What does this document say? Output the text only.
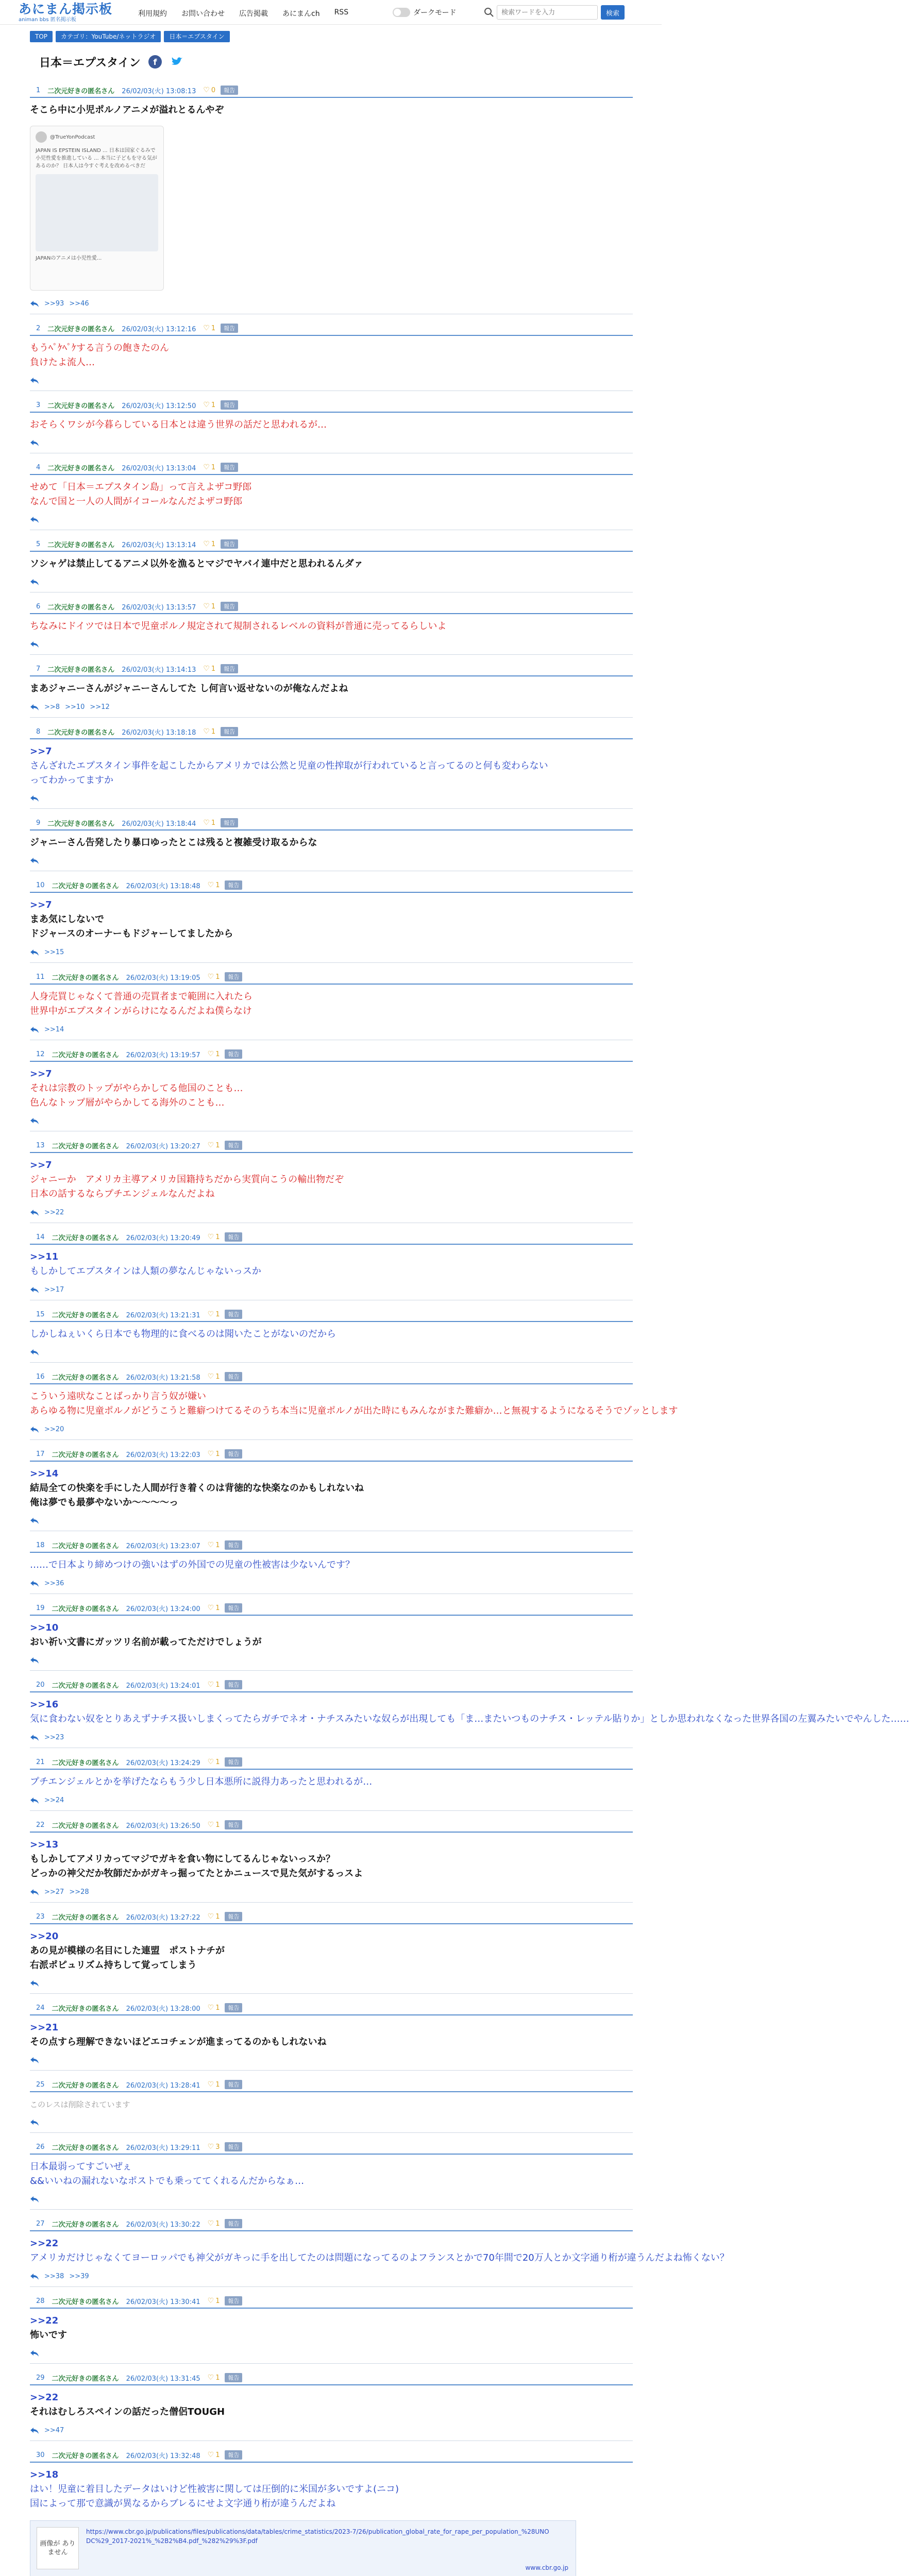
あにまん掲示板
animan bbs 匿名掲示板
利用規約 お問い合わせ 広告掲載 あにまんch RSS	ダークモード
検索ワードを入力	検索
TOP	カテゴリ：YouTube/ネットラジオ	日本＝エプスタイン
日本＝エプスタイン f
1 二次元好きの匿名さん 26/02/03(火) 13:08:13 ♡ 0	報告
そこら中に小児ポルノアニメが溢れとるんやぞ
@TrueYonPodcast
JAPAN IS EPSTEIN ISLAND ... 日本は国家ぐるみで小児性愛を推進している ... 本当に子どもを守る気があるのか？ 日本人は今すぐ考えを改めるべきだ
JAPANのアニメは小児性愛...
>>93 >>46
2 二次元好きの匿名さん 26/02/03(火) 13:12:16 ♡ 1	報告
もうﾍﾟｹﾍﾟｹする言うの飽きたのん
負けたよ流人…
3 二次元好きの匿名さん 26/02/03(火) 13:12:50 ♡ 1	報告
おそらくワシが今暮らしている日本とは違う世界の話だと思われるが…
4 二次元好きの匿名さん 26/02/03(火) 13:13:04 ♡ 1	報告
せめて「日本＝エプスタイン島」って言えよザコ野郎
なんで国と一人の人間がイコールなんだよザコ野郎
5 二次元好きの匿名さん 26/02/03(火) 13:13:14 ♡ 1	報告
ソシャゲは禁止してるアニメ以外を漁るとマジでヤバイ連中だと思われるんダァ
6 二次元好きの匿名さん 26/02/03(火) 13:13:57 ♡ 1	報告
ちなみにドイツでは日本で児童ポルノ規定されて規制されるレベルの資料が普通に売ってるらしいよ
7 二次元好きの匿名さん 26/02/03(火) 13:14:13 ♡ 1	報告
まあジャニーさんがジャニーさんしてた し何言い返せないのが俺なんだよね
>>8 >>10 >>12
8 二次元好きの匿名さん 26/02/03(火) 13:18:18 ♡ 1	報告
>>7
さんざれたエプスタイン事件を起こしたからアメリカでは公然と児童の性搾取が行われていると言ってるのと何も変わらない
ってわかってますか
9 二次元好きの匿名さん 26/02/03(火) 13:18:44 ♡ 1	報告
ジャニーさん告発したり暴口ゆったとこは残ると複雑受け取るからな
10 二次元好きの匿名さん 26/02/03(火) 13:18:48 ♡ 1	報告
>>7
まあ気にしないで
ドジャースのオーナーもドジャーしてましたから
>>15
11 二次元好きの匿名さん 26/02/03(火) 13:19:05 ♡ 1	報告
人身売買じゃなくて普通の売買者まで範囲に入れたら
世界中がエプスタインがらけになるんだよね僕らなけ
>>14
12 二次元好きの匿名さん 26/02/03(火) 13:19:57 ♡ 1	報告
>>7
それは宗教のトップがやらかしてる他国のことも…
色んなトップ層がやらかしてる海外のことも…
13 二次元好きの匿名さん 26/02/03(火) 13:20:27 ♡ 1	報告
>>7
ジャニーか　アメリカ主導アメリカ国籍持ちだから実質向こうの輸出物だぞ
日本の話するならプチエンジェルなんだよね
>>22
14 二次元好きの匿名さん 26/02/03(火) 13:20:49 ♡ 1	報告
>>11
もしかしてエプスタインは人類の夢なんじゃないっスか
>>17
15 二次元好きの匿名さん 26/02/03(火) 13:21:31 ♡ 1	報告
しかしねぇいくら日本でも物理的に食べるのは聞いたことがないのだから
16 二次元好きの匿名さん 26/02/03(火) 13:21:58 ♡ 1	報告
こういう遠吠なことばっかり言う奴が嫌い
あらゆる物に児童ポルノがどうこうと難癖つけてるそのうち本当に児童ポルノが出た時にもみんながまた難癖か…と無視するようになるそうでゾッとします
>>20
17 二次元好きの匿名さん 26/02/03(火) 13:22:03 ♡ 1	報告
>>14
結局全ての快楽を手にした人間が行き着くのは背徳的な快楽なのかもしれないね
俺は夢でも最夢やないか〜〜〜〜っ
18 二次元好きの匿名さん 26/02/03(火) 13:23:07 ♡ 1	報告
……で日本より締めつけの強いはずの外国での児童の性被害は少ないんです？
>>36
19 二次元好きの匿名さん 26/02/03(火) 13:24:00 ♡ 1	報告
>>10
おい祈い文書にガッツリ名前が載ってただけでしょうが
20 二次元好きの匿名さん 26/02/03(火) 13:24:01 ♡ 1	報告
>>16
気に食わない奴をとりあえずナチス扱いしまくってたらガチでネオ・ナチスみたいな奴らが出現しても「ま…またいつものナチス・レッテル貼りか」としか思われなくなった世界各国の左翼みたいでやんした……
>>23
21 二次元好きの匿名さん 26/02/03(火) 13:24:29 ♡ 1	報告
プチエンジェルとかを挙げたならもう少し日本悪所に説得力あったと思われるが…
>>24
22 二次元好きの匿名さん 26/02/03(火) 13:26:50 ♡ 1	報告
>>13
もしかしてアメリカってマジでガキを食い物にしてるんじゃないっスか？
どっかの神父だか牧師だかがガキっ掘ってたとかニュースで見た気がするっスよ
>>27 >>28
23 二次元好きの匿名さん 26/02/03(火) 13:27:22 ♡ 1	報告
>>20
あの見が模様の名目にした連盟　ポストナチが
右派ポピュリズム持ちして覚ってしまう
24 二次元好きの匿名さん 26/02/03(火) 13:28:00 ♡ 1	報告
>>21
その点すら理解できないほどエコチェンが進まってるのかもしれないね
25 二次元好きの匿名さん 26/02/03(火) 13:28:41 ♡ 1	報告
このレスは削除されています
26 二次元好きの匿名さん 26/02/03(火) 13:29:11 ♡ 3	報告
日本最弱ってすごいぜぇ
&&いいねの漏れないなポストでも乗っててくれるんだからなぁ…
27 二次元好きの匿名さん 26/02/03(火) 13:30:22 ♡ 1	報告
>>22
アメリカだけじゃなくてヨーロッパでも神父がガキっに手を出してたのは問題になってるのよフランスとかで70年間で20万人とか文字通り桁が違うんだよね怖くない？
>>38 >>39
28 二次元好きの匿名さん 26/02/03(火) 13:30:41 ♡ 1	報告
>>22
怖いです
29 二次元好きの匿名さん 26/02/03(火) 13:31:45 ♡ 1	報告
>>22
それはむしろスペインの話だった僧侶TOUGH
>>47
30 二次元好きの匿名さん 26/02/03(火) 13:32:48 ♡ 1	報告
>>18
はい！児童に着目したデータはいけど性被害に関しては圧倒的に米国が多いですよ(ニコ)
国によって那で意識が異なるからブレるにせよ文字通り桁が違うんだよね
画像が ありません
https://www.cbr.go.jp/publications/files/publications/data/tables/crime_statistics/2023-7/26/publication_global_rate_for_rape_per_population_%28UNODC%29_2017-2021%_%2B2%B4.pdf_%282%29%3F.pdf
www.cbr.go.jp
